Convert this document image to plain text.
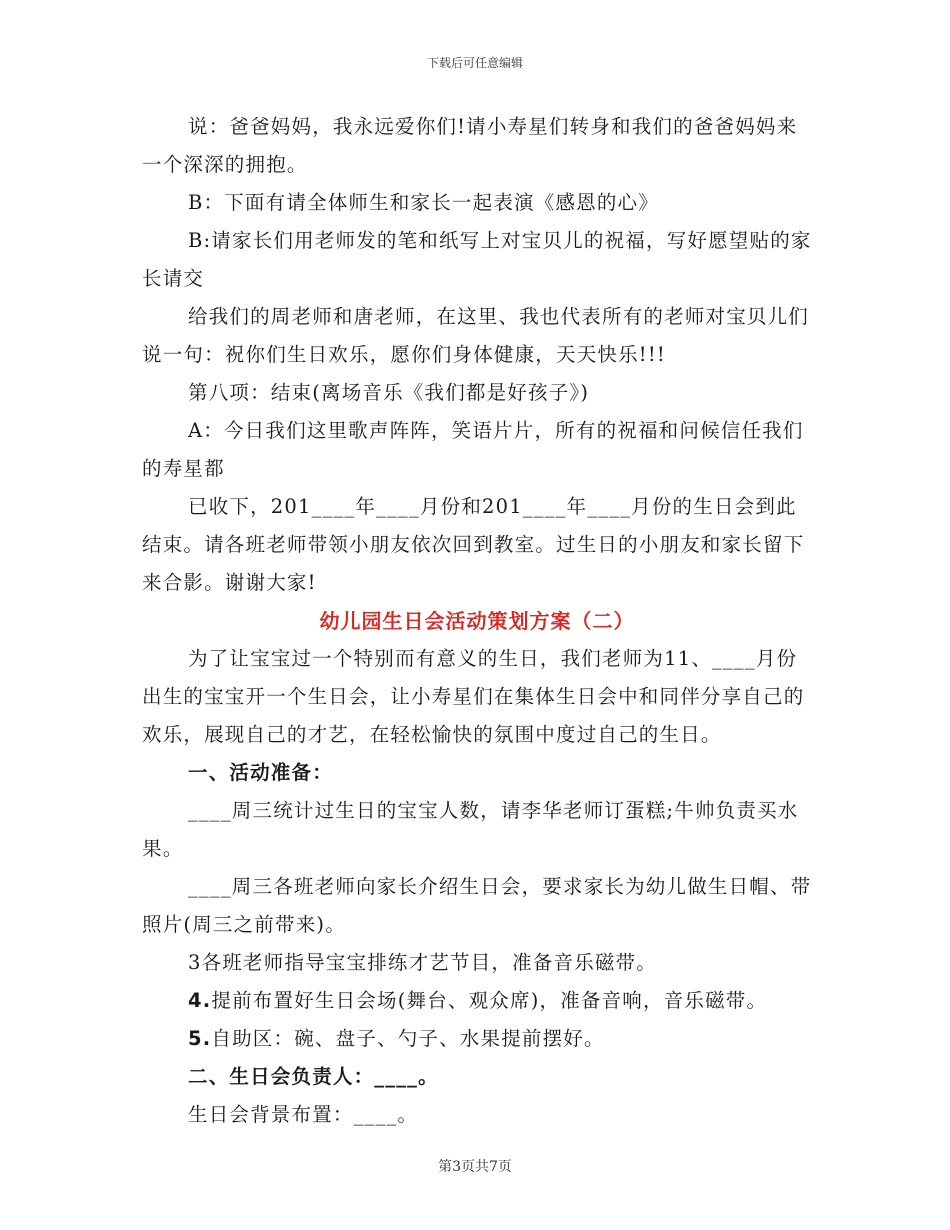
下载后可任意编辑

说：爸爸妈妈，我永远爱你们!请小寿星们转身和我们的爸爸妈妈来一个深深的拥抱。

B：下面有请全体师生和家长一起表演《感恩的心》

B:请家长们用老师发的笔和纸写上对宝贝儿的祝福，写好愿望贴的家长请交

给我们的周老师和唐老师，在这里、我也代表所有的老师对宝贝儿们说一句：祝你们生日欢乐，愿你们身体健康，天天快乐!!!

第八项：结束(离场音乐《我们都是好孩子》)

A：今日我们这里歌声阵阵，笑语片片，所有的祝福和问候信任我们的寿星都

已收下，201____年____月份和201____年____月份的生日会到此结束。请各班老师带领小朋友依次回到教室。过生日的小朋友和家长留下来合影。谢谢大家!

幼儿园生日会活动策划方案（二）

为了让宝宝过一个特别而有意义的生日，我们老师为11、____月份出生的宝宝开一个生日会，让小寿星们在集体生日会中和同伴分享自己的欢乐，展现自己的才艺，在轻松愉快的氛围中度过自己的生日。

一、活动准备：

____周三统计过生日的宝宝人数，请李华老师订蛋糕;牛帅负责买水果。

____周三各班老师向家长介绍生日会，要求家长为幼儿做生日帽、带照片(周三之前带来)。

3各班老师指导宝宝排练才艺节目，准备音乐磁带。

4.提前布置好生日会场(舞台、观众席)，准备音响，音乐磁带。

5.自助区：碗、盘子、勺子、水果提前摆好。

二、生日会负责人：____。

生日会背景布置：____。

第3页共7页
